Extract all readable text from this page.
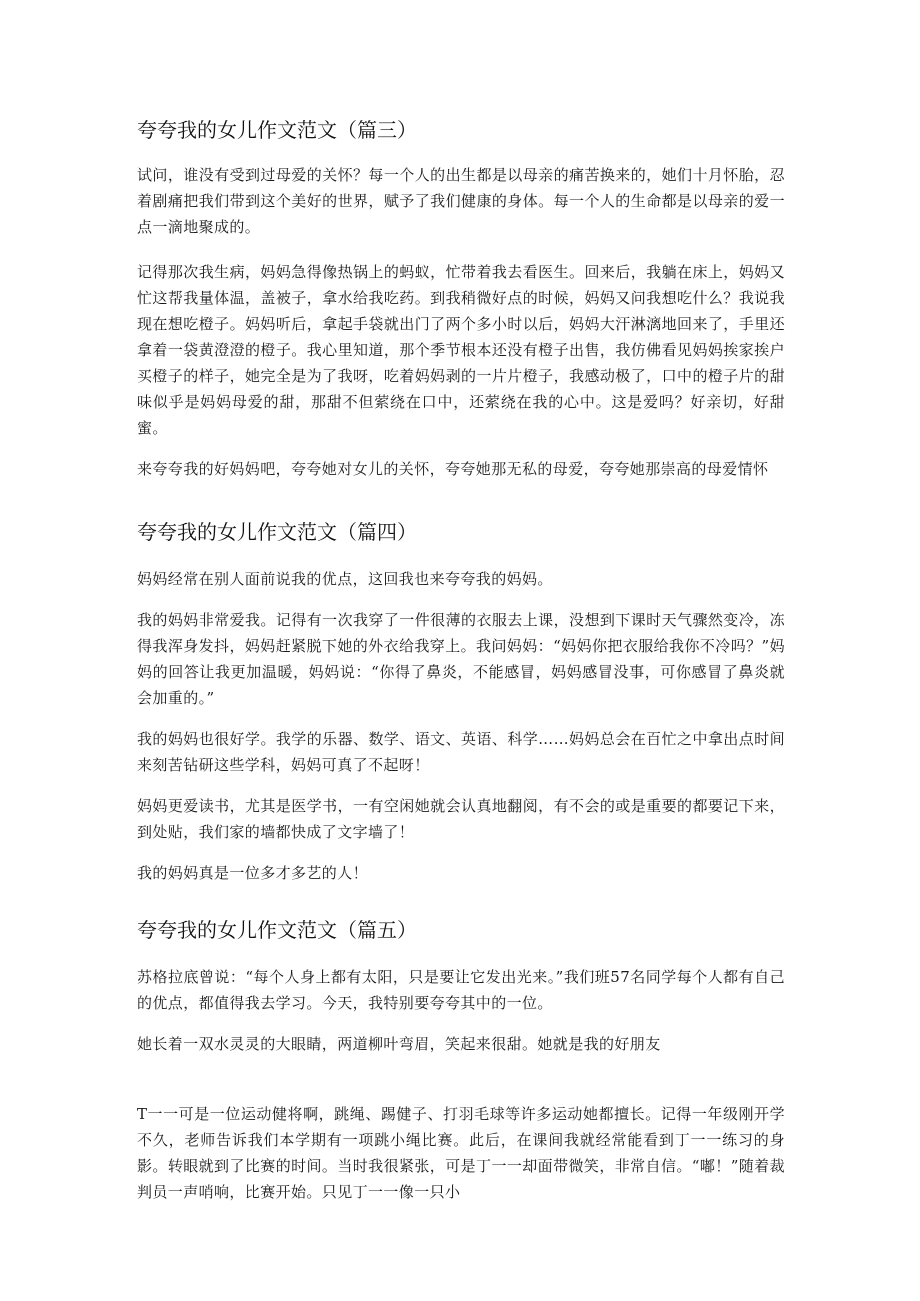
夸夸我的女儿作文范文（篇三）

试问，谁没有受到过母爱的关怀？每一个人的出生都是以母亲的痛苦换来的，她们十月怀胎，忍着剧痛把我们带到这个美好的世界，赋予了我们健康的身体。每一个人的生命都是以母亲的爱一点一滴地聚成的。

记得那次我生病，妈妈急得像热锅上的蚂蚁，忙带着我去看医生。回来后，我躺在床上，妈妈又忙这帮我量体温，盖被子，拿水给我吃药。到我稍微好点的时候，妈妈又问我想吃什么？我说我现在想吃橙子。妈妈听后，拿起手袋就出门了两个多小时以后，妈妈大汗淋漓地回来了，手里还拿着一袋黄澄澄的橙子。我心里知道，那个季节根本还没有橙子出售，我仿佛看见妈妈挨家挨户买橙子的样子，她完全是为了我呀，吃着妈妈剥的一片片橙子，我感动极了，口中的橙子片的甜味似乎是妈妈母爱的甜，那甜不但萦绕在口中，还萦绕在我的心中。这是爱吗？好亲切，好甜蜜。

来夸夸我的好妈妈吧，夸夸她对女儿的关怀，夸夸她那无私的母爱，夸夸她那崇高的母爱情怀

夸夸我的女儿作文范文（篇四）

妈妈经常在别人面前说我的优点，这回我也来夸夸我的妈妈。

我的妈妈非常爱我。记得有一次我穿了一件很薄的衣服去上课，没想到下课时天气骤然变冷，冻得我浑身发抖，妈妈赶紧脱下她的外衣给我穿上。我问妈妈：“妈妈你把衣服给我你不冷吗？”妈妈的回答让我更加温暖，妈妈说：“你得了鼻炎，不能感冒，妈妈感冒没事，可你感冒了鼻炎就会加重的。”

我的妈妈也很好学。我学的乐器、数学、语文、英语、科学……妈妈总会在百忙之中拿出点时间来刻苦钻研这些学科，妈妈可真了不起呀！

妈妈更爱读书，尤其是医学书，一有空闲她就会认真地翻阅，有不会的或是重要的都要记下来，到处贴，我们家的墙都快成了文字墙了！

我的妈妈真是一位多才多艺的人！

夸夸我的女儿作文范文（篇五）

苏格拉底曾说：“每个人身上都有太阳，只是要让它发出光来。”我们班57名同学每个人都有自己的优点，都值得我去学习。今天，我特别要夸夸其中的一位。

她长着一双水灵灵的大眼睛，两道柳叶弯眉，笑起来很甜。她就是我的好朋友

T一一可是一位运动健将啊，跳绳、踢健子、打羽毛球等许多运动她都擅长。记得一年级刚开学不久，老师告诉我们本学期有一项跳小绳比赛。此后，在课间我就经常能看到丁一一练习的身影。转眼就到了比赛的时间。当时我很紧张，可是丁一一却面带微笑，非常自信。“嘟！”随着裁判员一声哨响，比赛开始。只见丁一一像一只小
